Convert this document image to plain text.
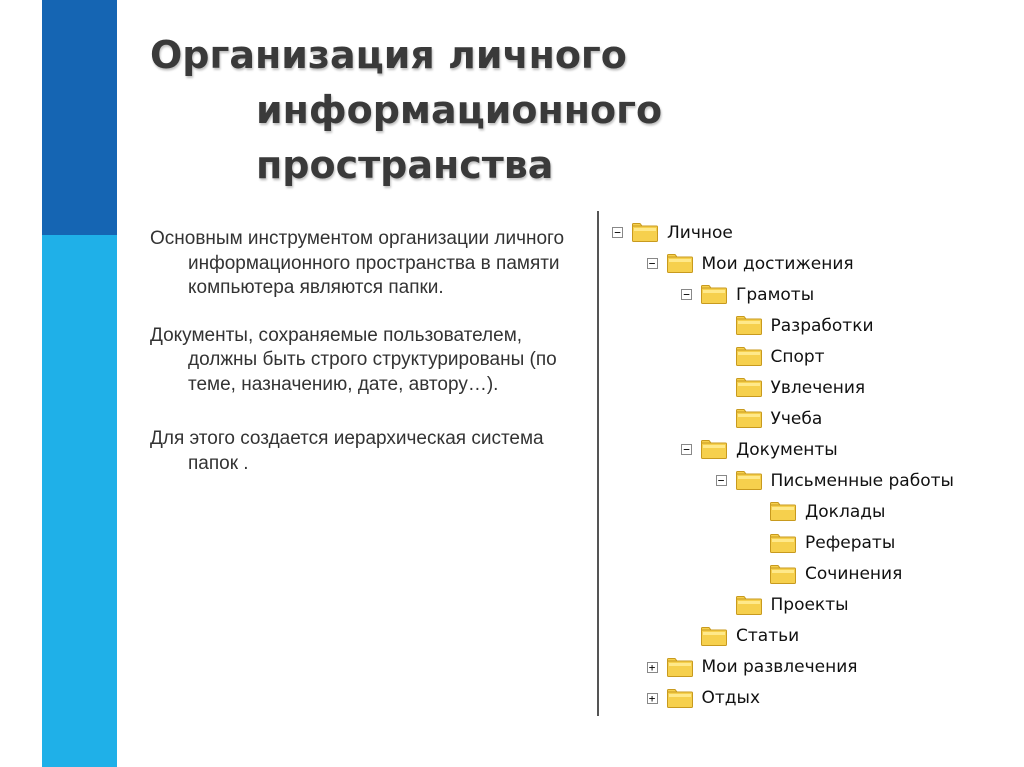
Организация личного
информационного
пространства

Основным инструментом организации личного информационного пространства в памяти компьютера являются папки.

Документы, сохраняемые пользователем, должны быть строго структурированы (по теме, назначению, дате, автору…).

Для этого создается иерархическая система папок .

−	Личное
−	Мои достижения
−	Грамоты
Разработки
Спорт
Увлечения
Учеба
−	Документы
−	Письменные работы
Доклады
Рефераты
Сочинения
Проекты
Статьи
+	Мои развлечения
+	Отдых
